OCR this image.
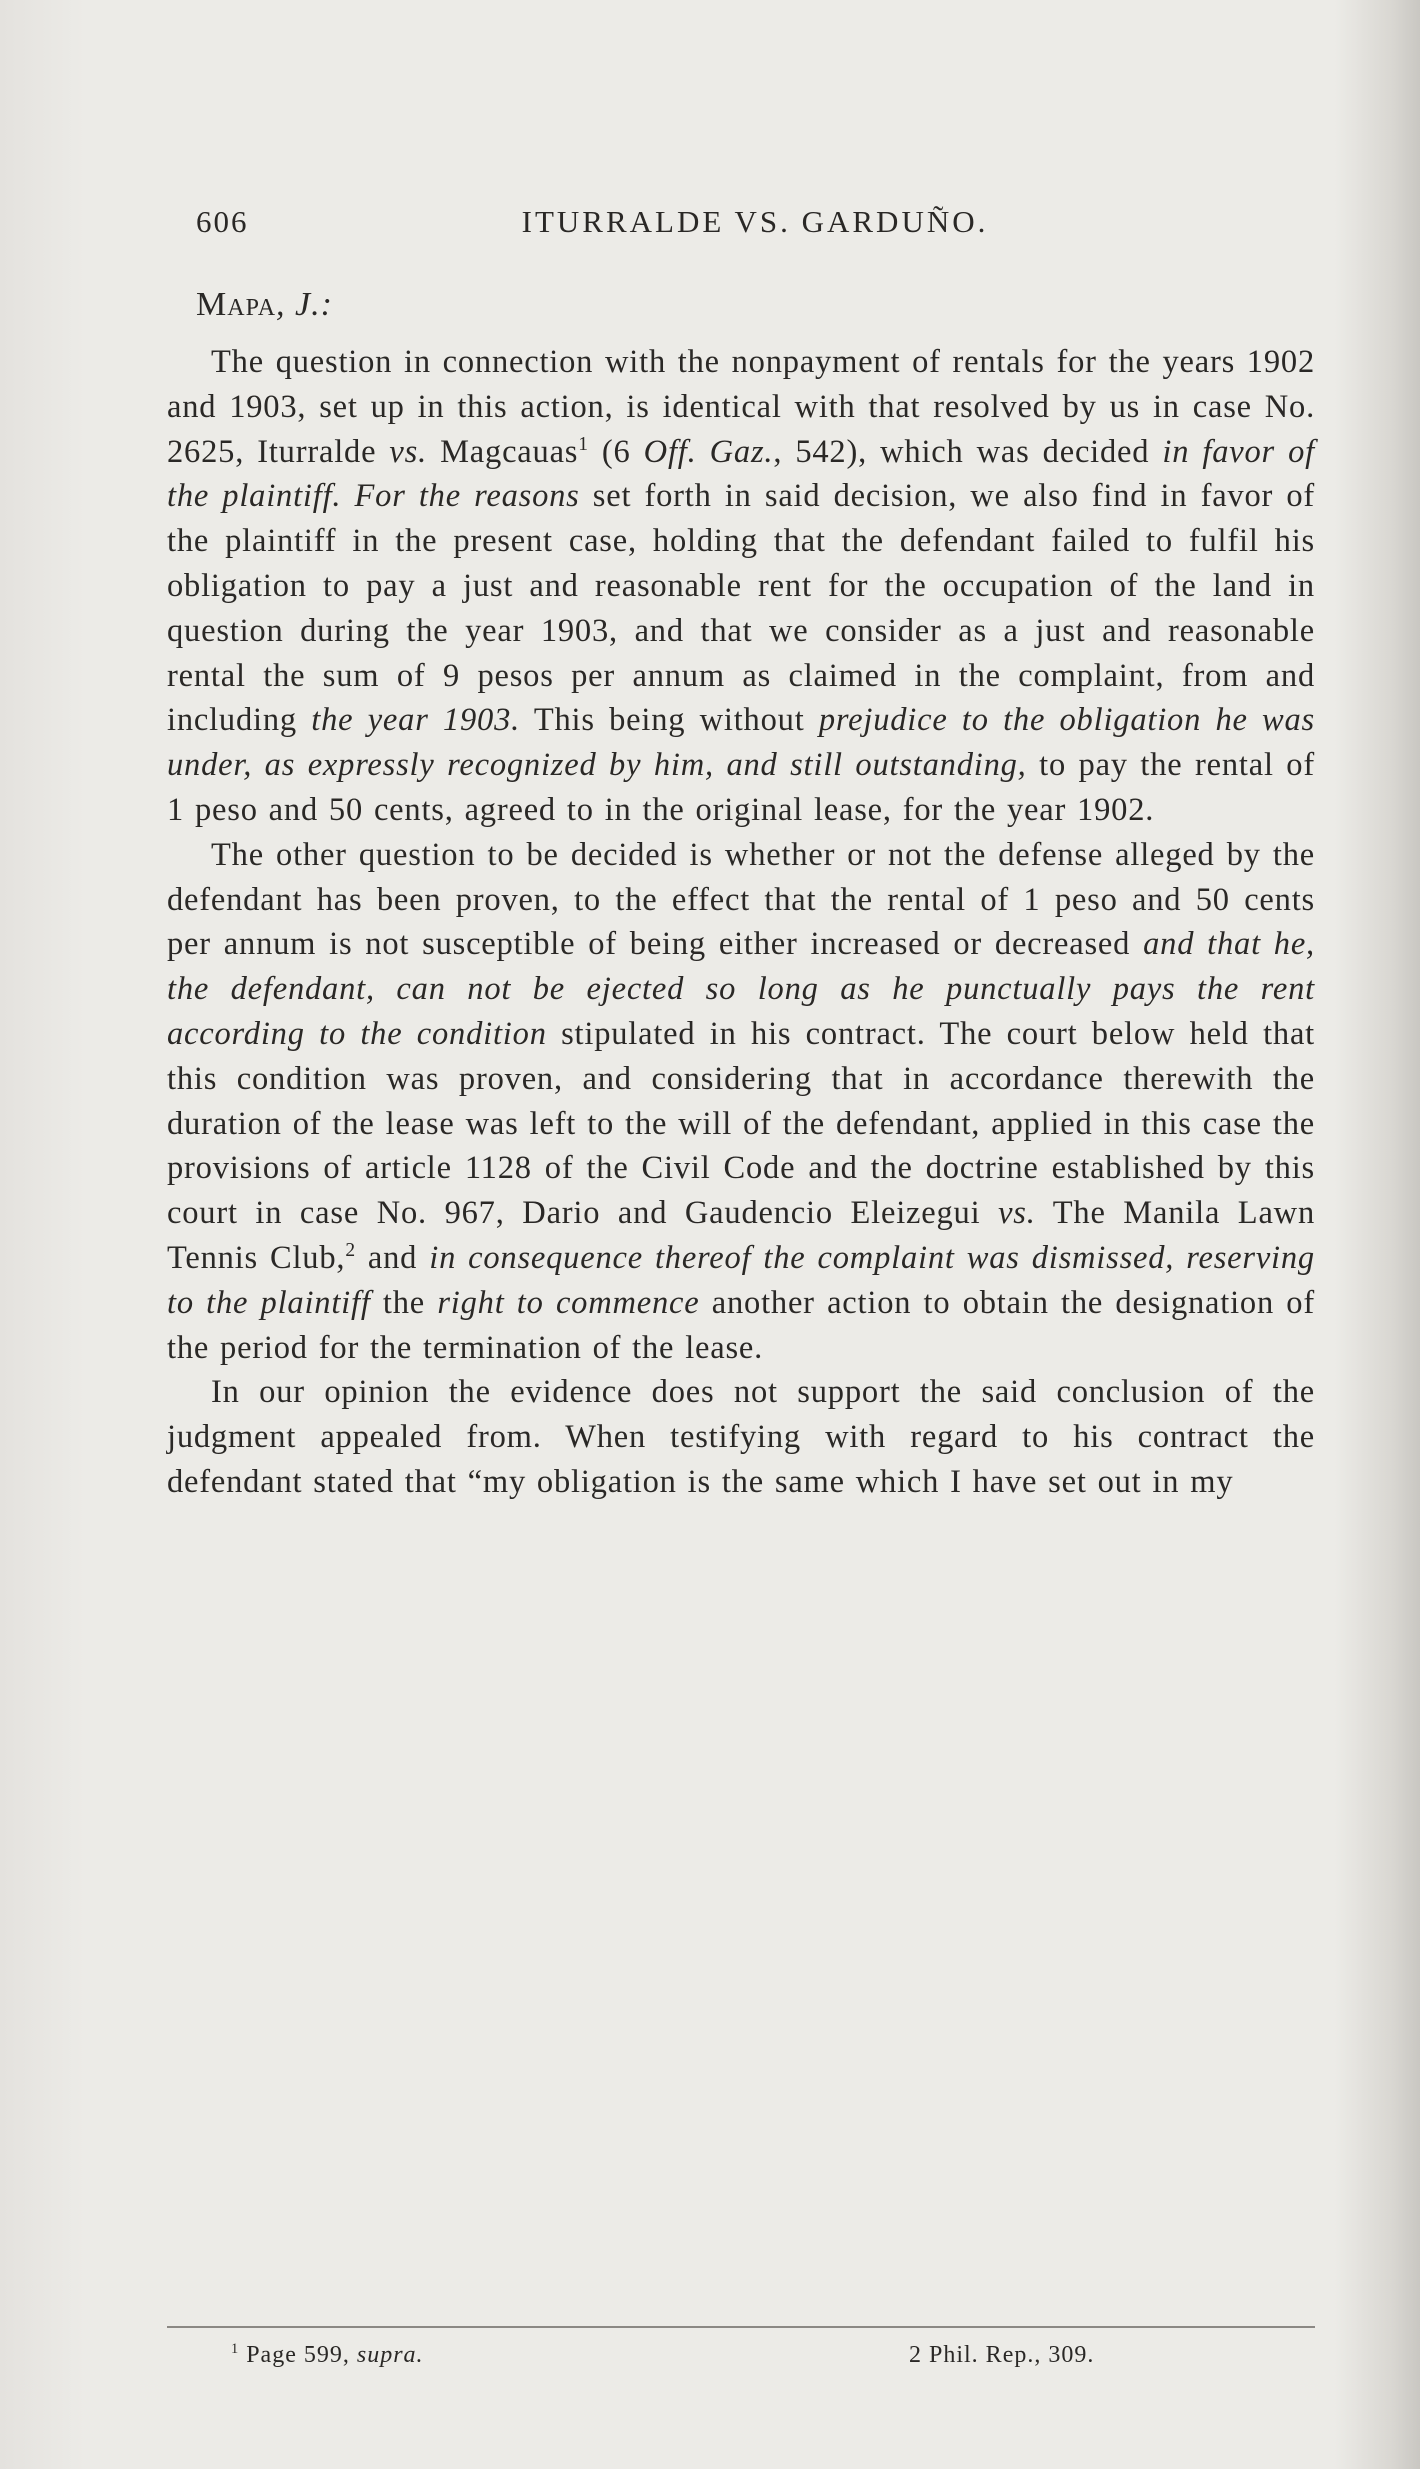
606	ITURRALDE VS. GARDUÑO.
Mapa, J.:

The question in connection with the nonpayment of rentals for the years 1902 and 1903, set up in this action, is identical with that resolved by us in case No. 2625, Iturralde vs. Magcauas$^1$ (6 Off. Gaz., 542), which was decided in favor of the plaintiff. For the reasons set forth in said decision, we also find in favor of the plaintiff in the present case, holding that the defendant failed to fulfil his obligation to pay a just and reasonable rent for the occupation of the land in question during the year 1903, and that we consider as a just and reasonable rental the sum of 9 pesos per annum as claimed in the complaint, from and including the year 1903. This being without prejudice to the obligation he was under, as expressly recognized by him, and still outstanding, to pay the rental of 1 peso and 50 cents, agreed to in the original lease, for the year 1902.

The other question to be decided is whether or not the defense alleged by the defendant has been proven, to the effect that the rental of 1 peso and 50 cents per annum is not susceptible of being either increased or decreased and that he, the defendant, can not be ejected so long as he punctually pays the rent according to the condition stipulated in his contract. The court below held that this condition was proven, and considering that in accordance therewith the duration of the lease was left to the will of the defendant, applied in this case the provisions of article 1128 of the Civil Code and the doctrine established by this court in case No. 967, Dario and Gaudencio Eleizegui vs. The Manila Lawn Tennis Club,$^2$ and in consequence thereof the complaint was dismissed, reserving to the plaintiff the right to commence another action to obtain the designation of the period for the termination of the lease.

In our opinion the evidence does not support the said conclusion of the judgment appealed from. When testifying with regard to his contract the defendant stated that “my obligation is the same which I have set out in my

$^1$ Page 599, supra.	2 Phil. Rep., 309.
